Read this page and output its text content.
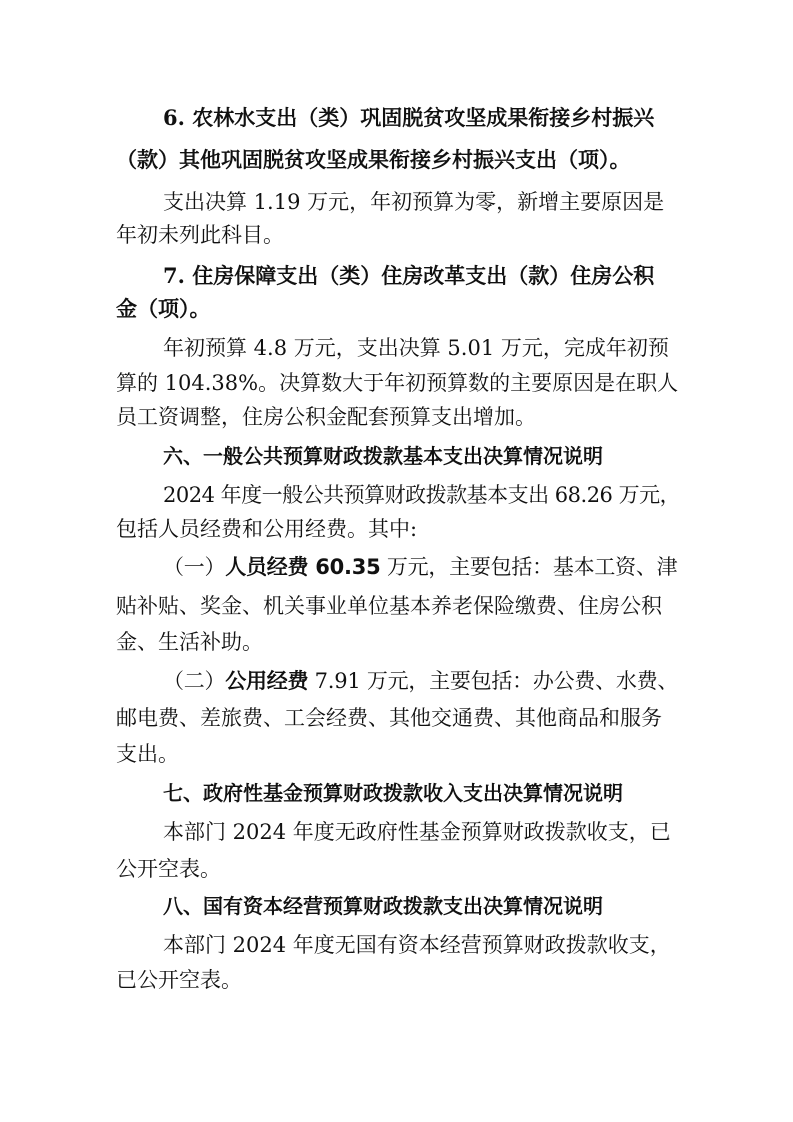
6. 农林水支出（类）巩固脱贫攻坚成果衔接乡村振兴
（款）其他巩固脱贫攻坚成果衔接乡村振兴支出（项）。
支出决算 1.19 万元，年初预算为零，新增主要原因是
年初未列此科目。
7. 住房保障支出（类）住房改革支出（款）住房公积
金（项）。
年初预算 4.8 万元，支出决算 5.01 万元，完成年初预
算的 104.38%。决算数大于年初预算数的主要原因是在职人
员工资调整，住房公积金配套预算支出增加。
六、一般公共预算财政拨款基本支出决算情况说明
2024 年度一般公共预算财政拨款基本支出 68.26 万元，
包括人员经费和公用经费。其中:
（一）人员经费 60.35 万元，主要包括：基本工资、津
贴补贴、奖金、机关事业单位基本养老保险缴费、住房公积
金、生活补助。
（二）公用经费 7.91 万元，主要包括：办公费、水费、
邮电费、差旅费、工会经费、其他交通费、其他商品和服务
支出。
七、政府性基金预算财政拨款收入支出决算情况说明
本部门 2024 年度无政府性基金预算财政拨款收支，已
公开空表。
八、国有资本经营预算财政拨款支出决算情况说明
本部门 2024 年度无国有资本经营预算财政拨款收支，
已公开空表。
